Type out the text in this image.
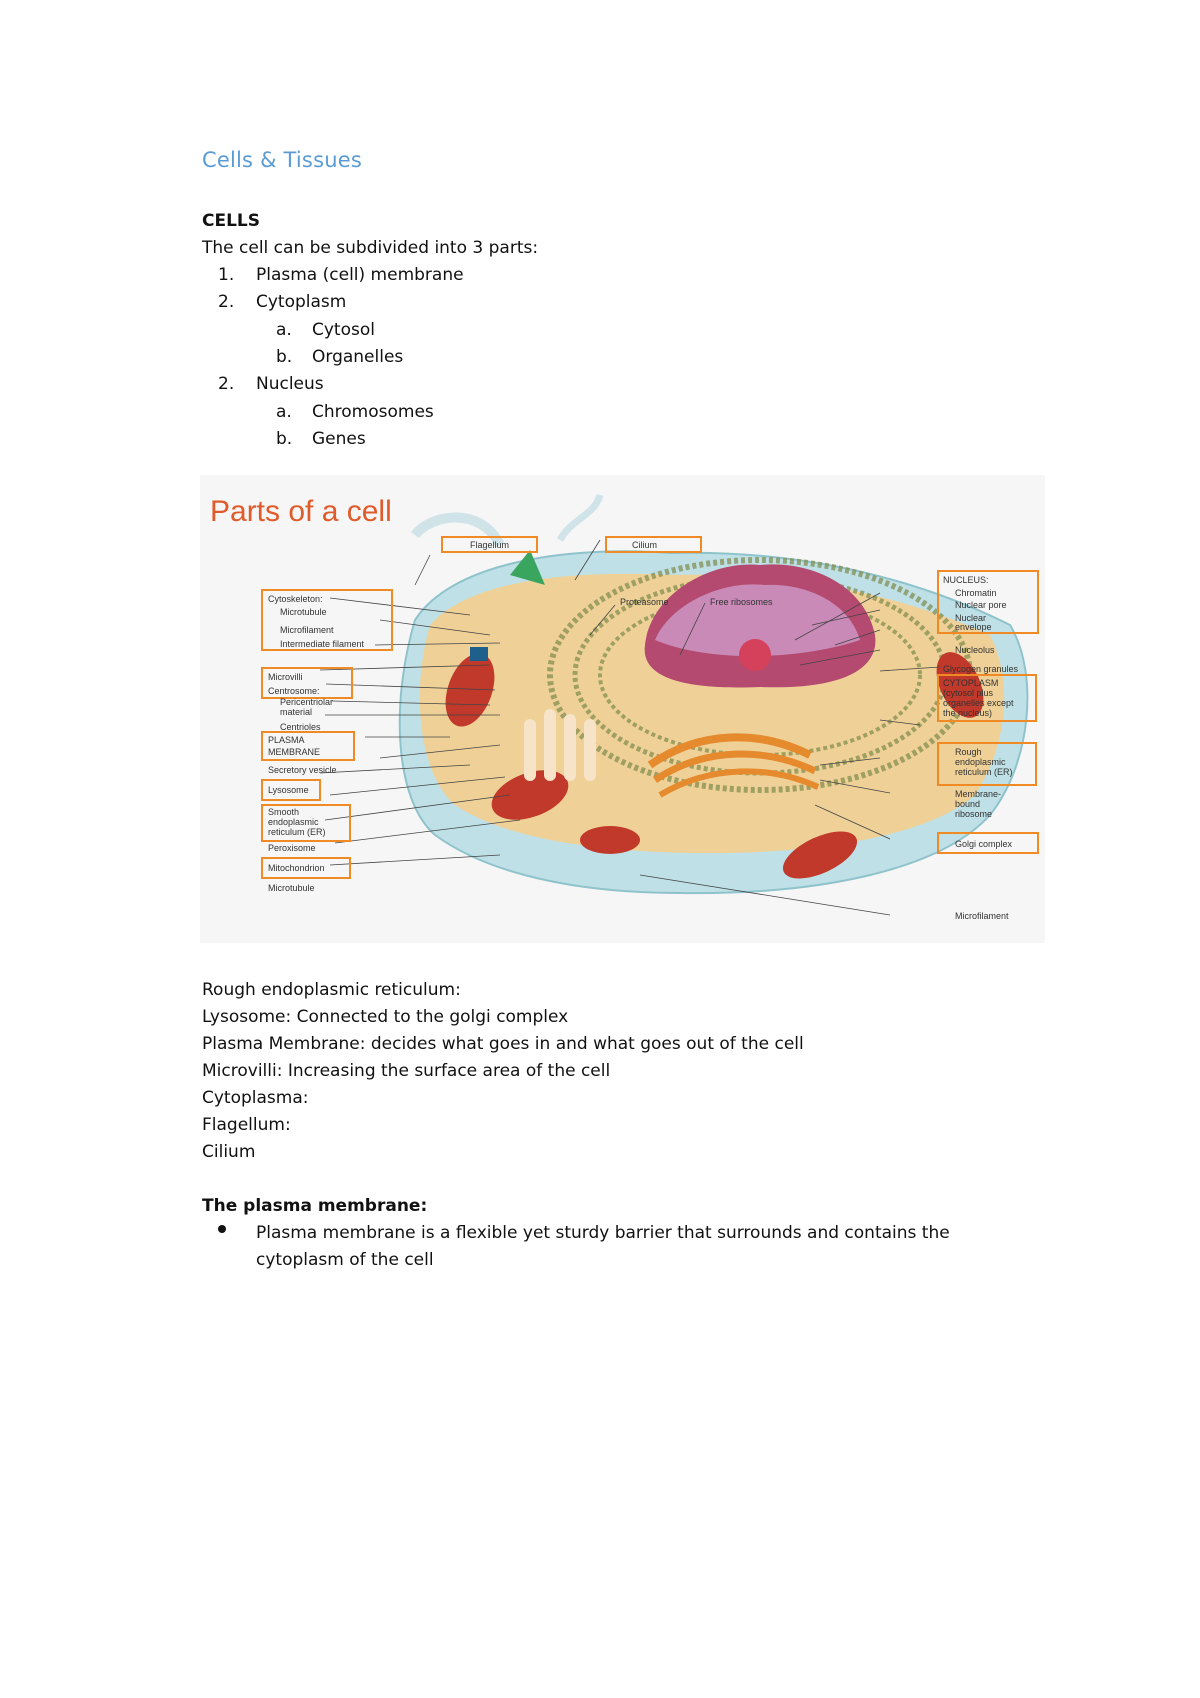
Cells & Tissues
CELLS
The cell can be subdivided into 3 parts:
1. Plasma (cell) membrane
2. Cytoplasm
a. Cytosol
b. Organelles
2. Nucleus
a. Chromosomes
b. Genes
Parts of a cell
Flagellum	Cilium
Proteasome	Free ribosomes
Cytoskeleton:
Microtubule
Microfilament
Intermediate filament
Microvilli
Centrosome:
Pericentriolar
material
Centrioles
PLASMA
MEMBRANE
Secretory vesicle
Lysosome
Smooth
endoplasmic
reticulum (ER)
Peroxisome
Mitochondrion
Microtubule
NUCLEUS:
Chromatin
Nuclear pore
Nuclear
envelope
Nucleolus
Glycogen granules
CYTOPLASM
(cytosol plus
organelles except
the nucleus)
Rough
endoplasmic
reticulum (ER)
Membrane-
bound
ribosome
Golgi complex
Microfilament
Rough endoplasmic reticulum:
Lysosome: Connected to the golgi complex
Plasma Membrane: decides what goes in and what goes out of the cell
Microvilli: Increasing the surface area of the cell
Cytoplasma:
Flagellum:
Cilium
The plasma membrane:
Plasma membrane is a flexible yet sturdy barrier that surrounds and contains the
cytoplasm of the cell
